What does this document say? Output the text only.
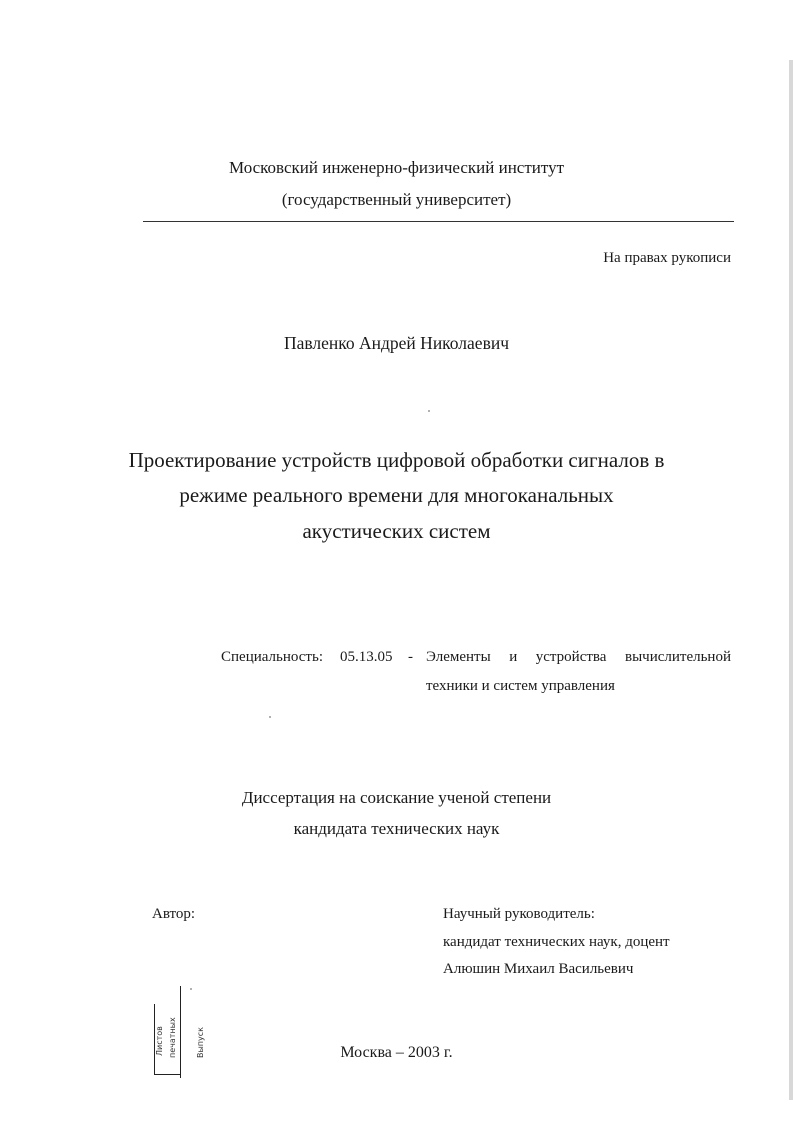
Московский инженерно-физический институт
(государственный университет)
На правах рукописи
Павленко Андрей Николаевич
Проектирование устройств цифровой обработки сигналов в
режиме реального времени для многоканальных
акустических систем
Специальность: 05.13.05 - Элементы и устройства вычислительной
техники и систем управления
Диссертация на соискание ученой степени
кандидата технических наук
Автор:	Научный руководитель:
кандидат технических наук, доцент
Алюшин Михаил Васильевич
Москва – 2003 г.
Листов печатных Выпуск
